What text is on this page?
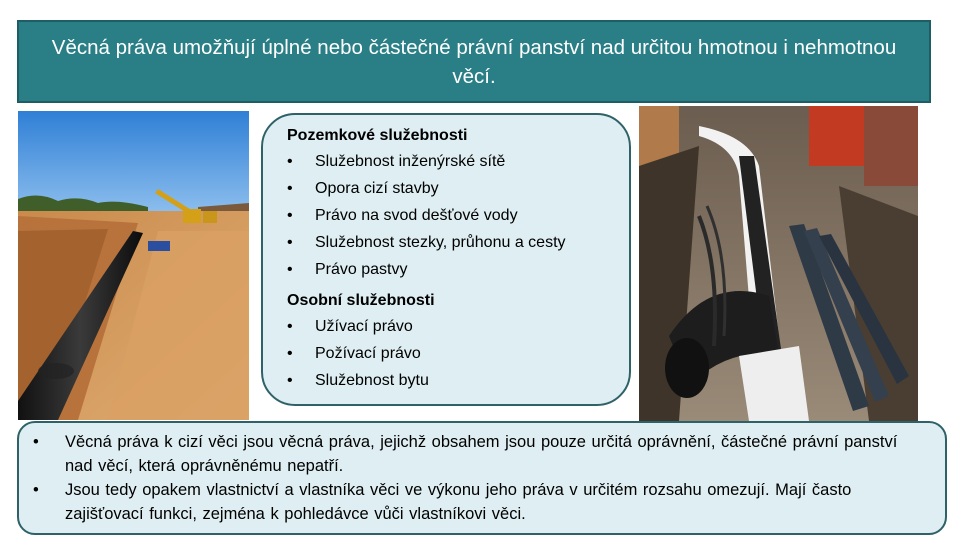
Věcná práva umožňují úplné nebo částečné právní panství nad určitou hmotnou i nehmotnou věcí.
Pozemkové služebnosti
• Služebnost inženýrské sítě
• Opora cizí stavby
• Právo na svod dešťové vody
• Služebnost stezky, průhonu a cesty
• Právo pastvy
Osobní služebnosti
• Užívací právo
• Požívací právo
• Služebnost bytu
• Věcná práva k cizí věci jsou věcná práva, jejichž obsahem jsou pouze určitá oprávnění, částečné právní panství nad věcí, která oprávněnému nepatří.
• Jsou tedy opakem vlastnictví a vlastníka věci ve výkonu jeho práva v určitém rozsahu omezují. Mají často zajišťovací funkci, zejména k pohledávce vůči vlastníkovi věci.
